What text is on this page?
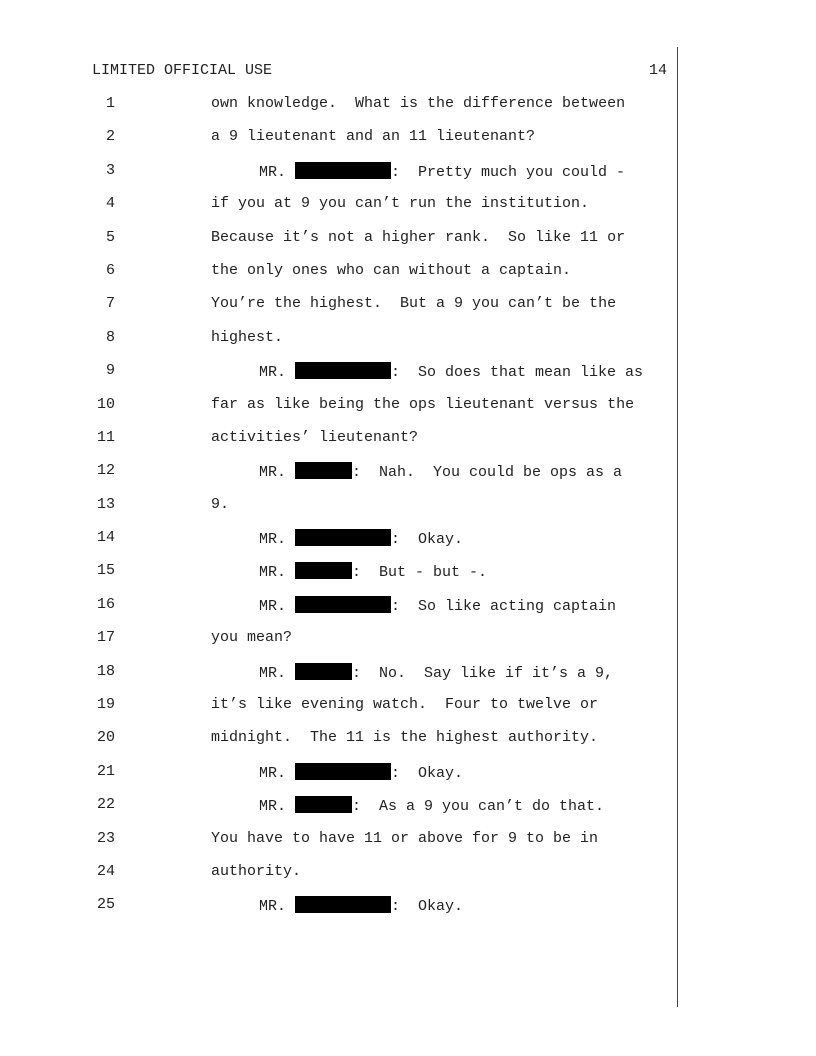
LIMITED OFFICIAL USE	14
1	own knowledge.  What is the difference between
2	a 9 lieutenant and an 11 lieutenant?
3	MR.	:  Pretty much you could -
4	if you at 9 you can’t run the institution.
5	Because it’s not a higher rank.  So like 11 or
6	the only ones who can without a captain.
7	You’re the highest.  But a 9 you can’t be the
8	highest.
9	MR.	:  So does that mean like as
10	far as like being the ops lieutenant versus the
11	activities’ lieutenant?
12	MR.	:  Nah.  You could be ops as a
13	9.
14	MR.	:  Okay.
15	MR.	:  But - but -.
16	MR.	:  So like acting captain
17	you mean?
18	MR.	:  No.  Say like if it’s a 9,
19	it’s like evening watch.  Four to twelve or
20	midnight.  The 11 is the highest authority.
21	MR.	:  Okay.
22	MR.	:  As a 9 you can’t do that.
23	You have to have 11 or above for 9 to be in
24	authority.
25	MR.	:  Okay.
